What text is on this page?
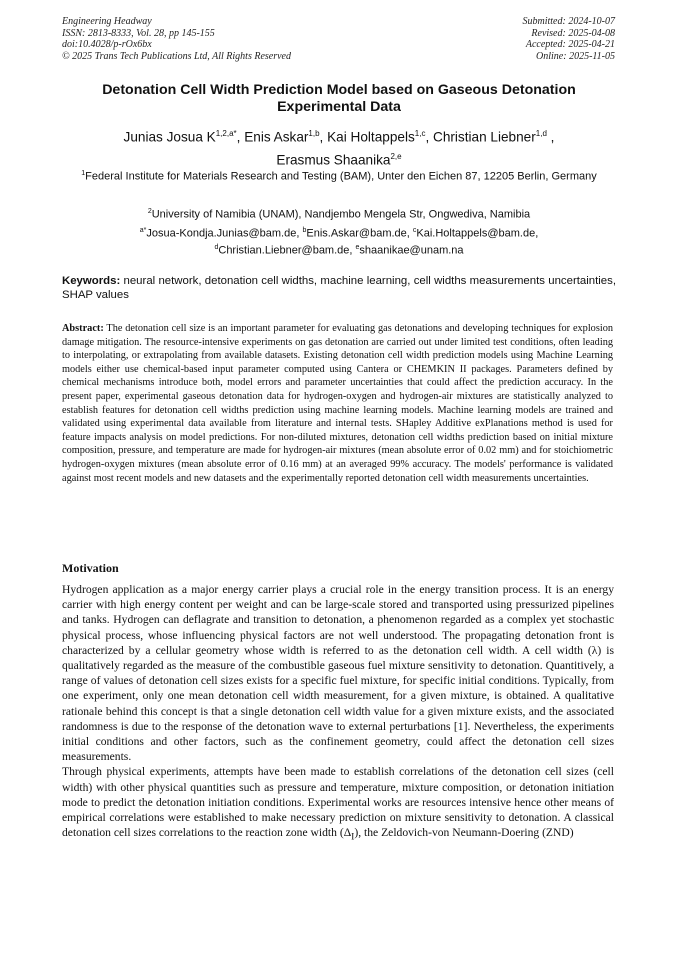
Engineering Headway
ISSN: 2813-8333, Vol. 28, pp 145-155
doi:10.4028/p-rOx6bx
© 2025 Trans Tech Publications Ltd, All Rights Reserved
Submitted: 2024-10-07
Revised: 2025-04-08
Accepted: 2025-04-21
Online: 2025-11-05
Detonation Cell Width Prediction Model based on Gaseous Detonation Experimental Data
Junias Josua $K^{1,2,a*}$, Enis Askar$^{1,b}$, Kai Holtappels$^{1,c}$, Christian Liebner$^{1,d}$ ,
Erasmus Shaanika$^{2,e}$
$^1$Federal Institute for Materials Research and Testing (BAM), Unter den Eichen 87, 12205 Berlin, Germany
$^2$University of Namibia (UNAM), Nandjembo Mengela Str, Ongwediva, Namibia
$^{a*}$Josua-Kondja.Junias@bam.de, $^b$Enis.Askar@bam.de, $^c$Kai.Holtappels@bam.de,
$^d$Christian.Liebner@bam.de, $^e$shaanikae@unam.na
Keywords: neural network, detonation cell widths, machine learning, cell widths measurements uncertainties, SHAP values
Abstract: The detonation cell size is an important parameter for evaluating gas detonations and developing techniques for explosion damage mitigation. The resource-intensive experiments on gas detonation are carried out under limited test conditions, often leading to interpolating, or extrapolating from available datasets. Existing detonation cell width prediction models using Machine Learning models either use chemical-based input parameter computed using Cantera or CHEMKIN II packages. Parameters defined by chemical mechanisms introduce both, model errors and parameter uncertainties that could affect the prediction accuracy. In the present paper, experimental gaseous detonation data for hydrogen-oxygen and hydrogen-air mixtures are statistically analyzed to establish features for detonation cell widths prediction using machine learning models. Machine learning models are trained and validated using experimental data available from literature and internal tests. SHapley Additive exPlanations method is used for feature impacts analysis on model predictions. For non-diluted mixtures, detonation cell widths prediction based on initial mixture composition, pressure, and temperature are made for hydrogen-air mixtures (mean absolute error of 0.02 mm) and for stoichiometric hydrogen-oxygen mixtures (mean absolute error of 0.16 mm) at an averaged 99% accuracy. The models' performance is validated against most recent models and new datasets and the experimentally reported detonation cell width measurements uncertainties.
Motivation

Hydrogen application as a major energy carrier plays a crucial role in the energy transition process. It is an energy carrier with high energy content per weight and can be large-scale stored and transported using pressurized pipelines and tanks. Hydrogen can deflagrate and transition to detonation, a phenomenon regarded as a complex yet stochastic physical process, whose influencing physical factors are not well understood. The propagating detonation front is characterized by a cellular geometry whose width is referred to as the detonation cell width. A cell width (λ) is qualitatively regarded as the measure of the combustible gaseous fuel mixture sensitivity to detonation. Quantitively, a range of values of detonation cell sizes exists for a specific fuel mixture, for specific initial conditions. Typically, from one experiment, only one mean detonation cell width measurement, for a given mixture, is obtained. A qualitative rationale behind this concept is that a single detonation cell width value for a given mixture exists, and the associated randomness is due to the response of the detonation wave to external perturbations [1]. Nevertheless, the experiments initial conditions and other factors, such as the confinement geometry, could affect the detonation cell sizes measurements.

Through physical experiments, attempts have been made to establish correlations of the detonation cell sizes (cell width) with other physical quantities such as pressure and temperature, mixture composition, or detonation initiation mode to predict the detonation initiation conditions. Experimental works are resources intensive hence other means of empirical correlations were established to make necessary prediction on mixture sensitivity to detonation. A classical detonation cell sizes correlations to the reaction zone width $(\Delta_I)$, the Zeldovich-von Neumann-Doering (ZND)
